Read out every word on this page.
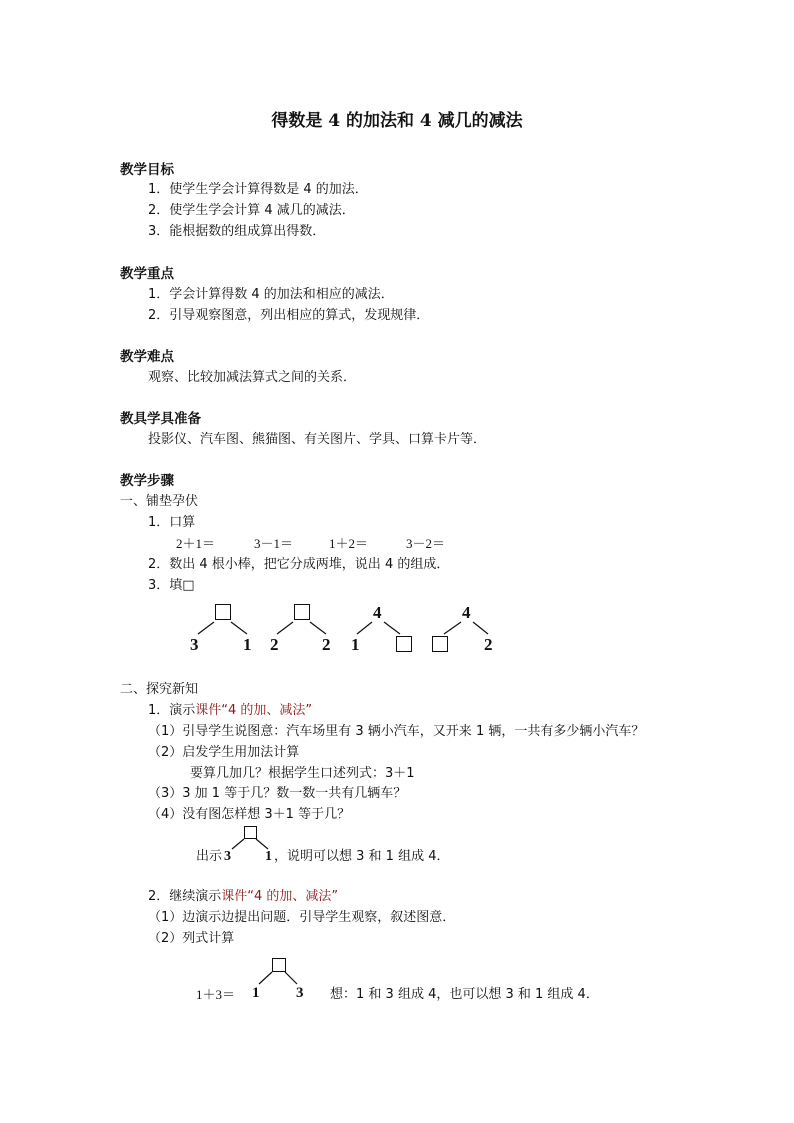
得数是 4 的加法和 4 减几的减法
教学目标
1．使学生学会计算得数是 4 的加法．
2．使学生学会计算 4 减几的减法．
3．能根据数的组成算出得数．
教学重点
1．学会计算得数 4 的加法和相应的减法．
2．引导观察图意，列出相应的算式，发现规律．
教学难点
观察、比较加减法算式之间的关系．
教具学具准备
投影仪、汽车图、熊猫图、有关图片、学具、口算卡片等．
教学步骤
一、铺垫孕伏
1．口算
2＋1＝	3－1＝	1＋2＝	3－2＝
2．数出 4 根小棒，把它分成两堆，说出 4 的组成．
3．填□
3	1 2	2
4
1
4
2
二、探究新知
1．演示课件“4 的加、减法”
（1）引导学生说图意：汽车场里有 3 辆小汽车，又开来 1 辆，一共有多少辆小汽车？
（2）启发学生用加法计算
要算几加几？根据学生口述列式：3＋1
（3）3 加 1 等于几？数一数一共有几辆车？
（4）没有图怎样想 3＋1 等于几？
出示 3 1 ，说明可以想 3 和 1 组成 4．
2．继续演示课件“4 的加、减法”
（1）边演示边提出问题．引导学生观察，叙述图意．
（2）列式计算
1＋3＝ 1 3 想：1 和 3 组成 4，也可以想 3 和 1 组成 4．
